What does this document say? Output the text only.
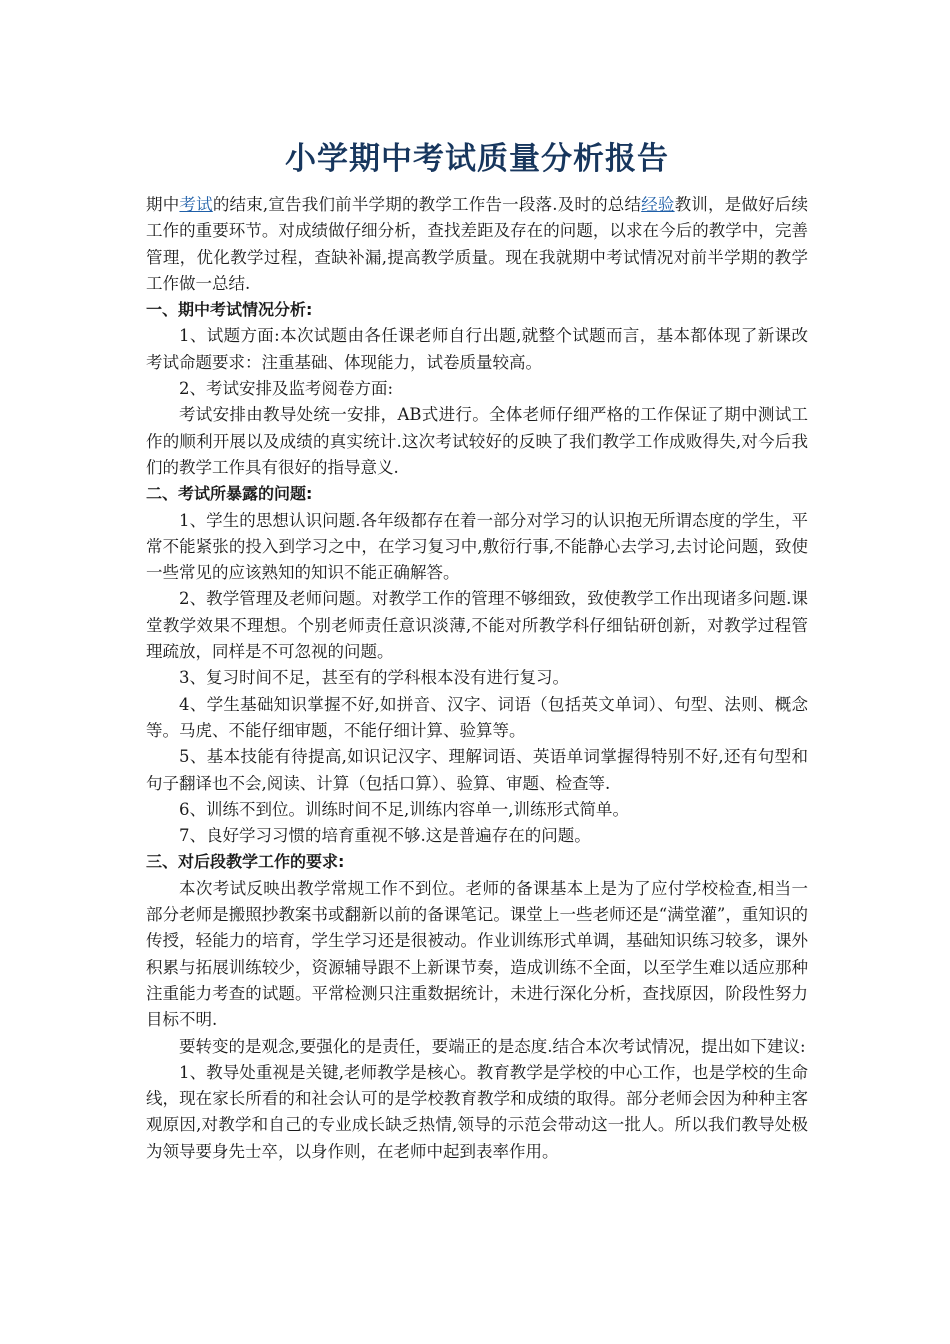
小学期中考试质量分析报告

期中考试的结束,宣告我们前半学期的教学工作告一段落.及时的总结经验教训，是做好后续工作的重要环节。对成绩做仔细分析，查找差距及存在的问题，以求在今后的教学中，完善管理，优化教学过程，查缺补漏,提高教学质量。现在我就期中考试情况对前半学期的教学工作做一总结.

一、期中考试情况分析:

1、试题方面:本次试题由各任课老师自行出题,就整个试题而言，基本都体现了新课改考试命题要求：注重基础、体现能力，试卷质量较高。

2、考试安排及监考阅卷方面:

考试安排由教导处统一安排，AB式进行。全体老师仔细严格的工作保证了期中测试工作的顺利开展以及成绩的真实统计.这次考试较好的反映了我们教学工作成败得失,对今后我们的教学工作具有很好的指导意义.

二、考试所暴露的问题:

1、学生的思想认识问题.各年级都存在着一部分对学习的认识抱无所谓态度的学生，平常不能紧张的投入到学习之中，在学习复习中,敷衍行事,不能静心去学习,去讨论问题，致使一些常见的应该熟知的知识不能正确解答。

2、教学管理及老师问题。对教学工作的管理不够细致，致使教学工作出现诸多问题.课堂教学效果不理想。个别老师责任意识淡薄,不能对所教学科仔细钻研创新，对教学过程管理疏放，同样是不可忽视的问题。

3、复习时间不足，甚至有的学科根本没有进行复习。

4、学生基础知识掌握不好,如拼音、汉字、词语（包括英文单词）、句型、法则、概念等。马虎、不能仔细审题，不能仔细计算、验算等。

5、基本技能有待提高,如识记汉字、理解词语、英语单词掌握得特别不好,还有句型和句子翻译也不会,阅读、计算（包括口算）、验算、审题、检查等.

6、训练不到位。训练时间不足,训练内容单一,训练形式简单。

7、良好学习习惯的培育重视不够.这是普遍存在的问题。

三、对后段教学工作的要求:

本次考试反映出教学常规工作不到位。老师的备课基本上是为了应付学校检查,相当一部分老师是搬照抄教案书或翻新以前的备课笔记。课堂上一些老师还是“满堂灌”，重知识的传授，轻能力的培育，学生学习还是很被动。作业训练形式单调，基础知识练习较多，课外积累与拓展训练较少，资源辅导跟不上新课节奏，造成训练不全面，以至学生难以适应那种注重能力考查的试题。平常检测只注重数据统计，未进行深化分析，查找原因，阶段性努力目标不明.

要转变的是观念,要强化的是责任，要端正的是态度.结合本次考试情况，提出如下建议:

1、教导处重视是关键,老师教学是核心。教育教学是学校的中心工作，也是学校的生命线，现在家长所看的和社会认可的是学校教育教学和成绩的取得。部分老师会因为种种主客观原因,对教学和自己的专业成长缺乏热情,领导的示范会带动这一批人。所以我们教导处极为领导要身先士卒，以身作则，在老师中起到表率作用。
